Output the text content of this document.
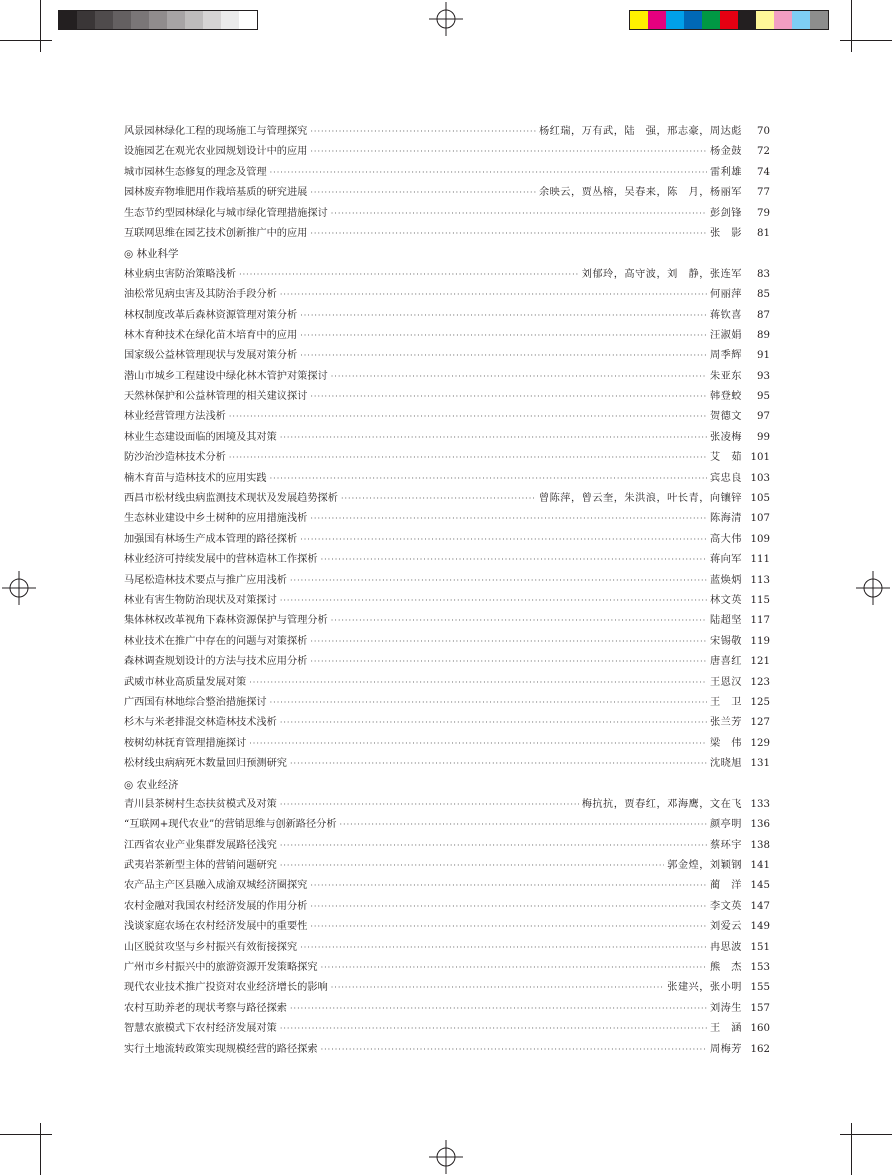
风景园林绿化工程的现场施工与管理探究 ·····	杨红瑞，万有武，陆　强，邢志豪，周达彪	70
设施园艺在观光农业园规划设计中的应用 ·····	杨金鼓	72
城市园林生态修复的理念及管理 ·····	雷利雄	74
园林废弃物堆肥用作栽培基质的研究进展 ·····	余映云，贾丛榕，吴春来，陈　月，杨丽军	77
生态节约型园林绿化与城市绿化管理措施探讨 ·····	彭剑锋	79
互联网思维在园艺技术创新推广中的应用 ·····	张　影	81
◎ 林业科学
林业病虫害防治策略浅析 ·····	刘郁玲，高守波，刘　静，张连军	83
油松常见病虫害及其防治手段分析 ·····	何丽萍	85
林权制度改革后森林资源管理对策分析 ·····	蒋钦喜	87
林木育种技术在绿化苗木培育中的应用 ·····	汪淑娟	89
国家级公益林管理现状与发展对策分析 ·····	周季辉	91
潜山市城乡工程建设中绿化林木管护对策探讨 ·····	朱亚东	93
天然林保护和公益林管理的相关建议探讨 ·····	韩登蛟	95
林业经营管理方法浅析 ·····	贺德文	97
林业生态建设面临的困境及其对策 ·····	张凌梅	99
防沙治沙造林技术分析 ·····	艾　茹 101
楠木育苗与造林技术的应用实践 ·····	宾忠良 103
西昌市松材线虫病监测技术现状及发展趋势探析 ·····	曾陈萍，曾云奎，朱洪浪，叶长青，向镶锌 105
生态林业建设中乡土树种的应用措施浅析 ·····	陈海清 107
加强国有林场生产成本管理的路径探析 ·····	高大伟 109
林业经济可持续发展中的营林造林工作探析 ·····	蒋向军 111
马尾松造林技术要点与推广应用浅析 ·····	蓝焕炳 113
林业有害生物防治现状及对策探讨 ·····	林文英 115
集体林权改革视角下森林资源保护与管理分析 ·····	陆超坚 117
林业技术在推广中存在的问题与对策探析 ·····	宋锡敬 119
森林调查规划设计的方法与技术应用分析 ·····	唐喜红 121
武威市林业高质量发展对策 ·····	王恩汉 123
广西国有林地综合整治措施探讨 ·····	王　卫 125
杉木与米老排混交林造林技术浅析 ·····	张兰芳 127
桉树幼林抚育管理措施探讨 ·····	梁　伟 129
松材线虫病病死木数量回归预测研究 ·····	沈晓旭 131
◎ 农业经济
青川县茶树村生态扶贫模式及对策 ·····	梅抗抗，贾春红，邓海鹰，文在飞 133
“互联网+现代农业”的营销思维与创新路径分析 ·····	颜亭明 136
江西省农业产业集群发展路径浅究 ·····	蔡环宇 138
武夷岩茶新型主体的营销问题研究 ·····	郭金煌，刘颖钢 141
农产品主产区县融入成渝双城经济圈探究 ·····	蔺　洋 145
农村金融对我国农村经济发展的作用分析 ·····	李文英 147
浅谈家庭农场在农村经济发展中的重要性 ·····	刘爱云 149
山区脱贫攻坚与乡村振兴有效衔接探究 ·····	冉思波 151
广州市乡村振兴中的旅游资源开发策略探究 ·····	熊　杰 153
现代农业技术推广投资对农业经济增长的影响 ·····	张建兴，张小明 155
农村互助养老的现状考察与路径探索 ·····	刘涛生 157
智慧农旅模式下农村经济发展对策 ·····	王　涵 160
实行土地流转政策实现规模经营的路径探索 ·····	周梅芳 162
